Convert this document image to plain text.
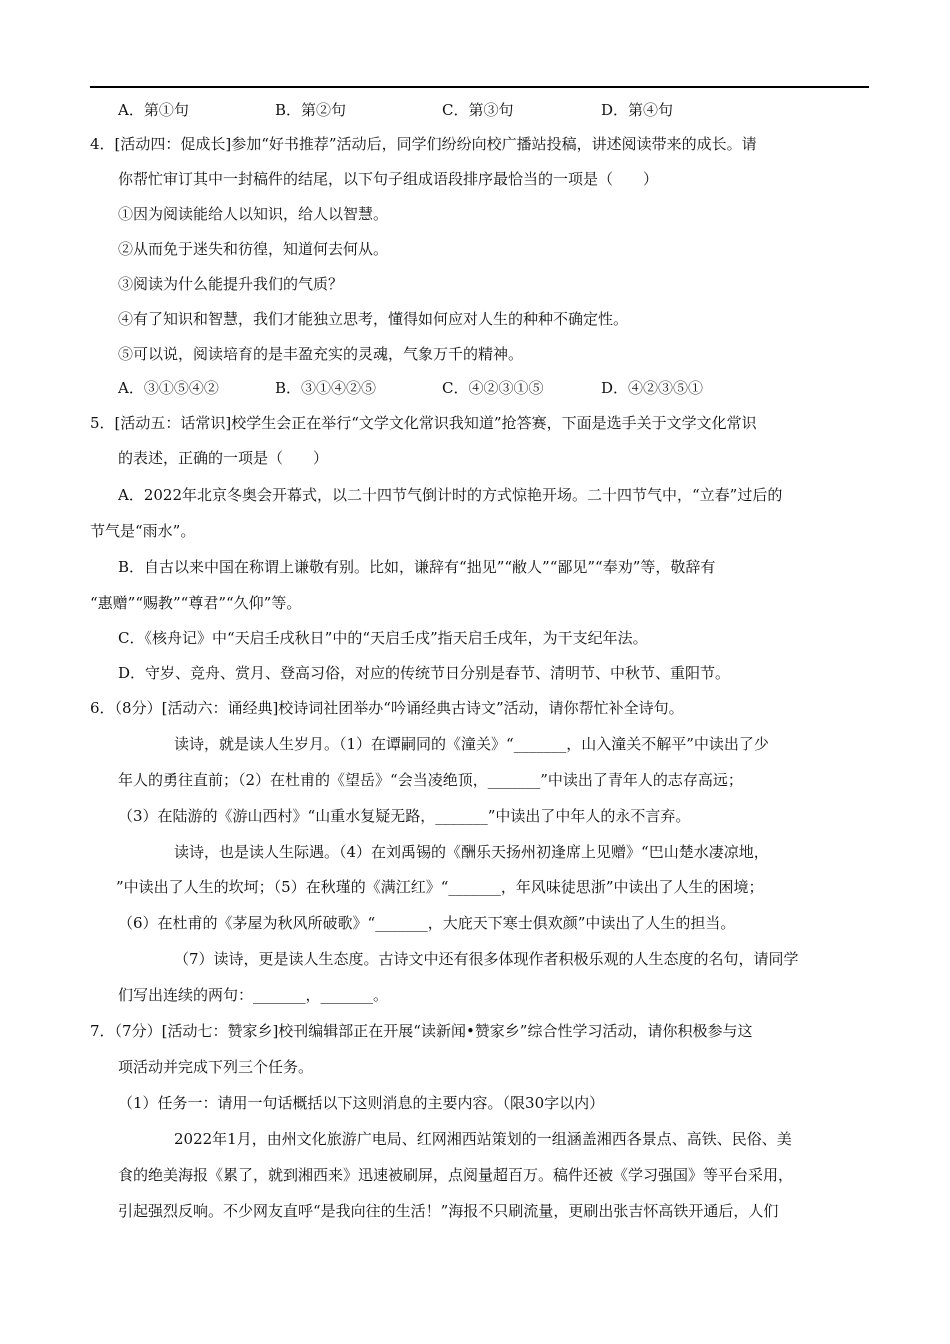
A．第①句	B．第②句	C．第③句	D．第④句
4．[活动四：促成长]参加“好书推荐”活动后，同学们纷纷向校广播站投稿，讲述阅读带来的成长。请
你帮忙审订其中一封稿件的结尾，以下句子组成语段排序最恰当的一项是（　　）
①因为阅读能给人以知识，给人以智慧。
②从而免于迷失和彷徨，知道何去何从。
③阅读为什么能提升我们的气质？
④有了知识和智慧，我们才能独立思考，懂得如何应对人生的种种不确定性。
⑤可以说，阅读培育的是丰盈充实的灵魂，气象万千的精神。
A．③①⑤④②	B．③①④②⑤	C．④②③①⑤	D．④②③⑤①
5．[活动五：话常识]校学生会正在举行“文学文化常识我知道”抢答赛，下面是选手关于文学文化常识
的表述，正确的一项是（　　）
A．2022年北京冬奥会开幕式，以二十四节气倒计时的方式惊艳开场。二十四节气中，“立春”过后的
节气是“雨水”。
B．自古以来中国在称谓上谦敬有别。比如，谦辞有“拙见”“敝人”“鄙见”“奉劝”等，敬辞有
“惠赠”“赐教”“尊君”“久仰”等。
C．《核舟记》中“天启壬戌秋日”中的“天启壬戌”指天启壬戌年，为干支纪年法。
D．守岁、竞舟、赏月、登高习俗，对应的传统节日分别是春节、清明节、中秋节、重阳节。
6．（8分）[活动六：诵经典]校诗词社团举办“吟诵经典古诗文”活动，请你帮忙补全诗句。
读诗，就是读人生岁月。（1）在谭嗣同的《潼关》“_______，山入潼关不解平”中读出了少
年人的勇往直前；（2）在杜甫的《望岳》“会当凌绝顶，_______”中读出了青年人的志存高远；
（3）在陆游的《游山西村》“山重水复疑无路，_______”中读出了中年人的永不言弃。
读诗，也是读人生际遇。（4）在刘禹锡的《酬乐天扬州初逢席上见赠》“巴山楚水凄凉地，
”中读出了人生的坎坷；（5）在秋瑾的《满江红》“_______，年风味徒思浙”中读出了人生的困境；
（6）在杜甫的《茅屋为秋风所破歌》“_______，大庇天下寒士俱欢颜”中读出了人生的担当。
（7）读诗，更是读人生态度。古诗文中还有很多体现作者积极乐观的人生态度的名句，请同学
们写出连续的两句：_______，_______。
7．（7分）[活动七：赞家乡]校刊编辑部正在开展“读新闻•赞家乡”综合性学习活动，请你积极参与这
项活动并完成下列三个任务。
（1）任务一：请用一句话概括以下这则消息的主要内容。（限30字以内）
2022年1月，由州文化旅游广电局、红网湘西站策划的一组涵盖湘西各景点、高铁、民俗、美
食的绝美海报《累了，就到湘西来》迅速被刷屏，点阅量超百万。稿件还被《学习强国》等平台采用，
引起强烈反响。不少网友直呼“是我向往的生活！”海报不只刷流量，更刷出张吉怀高铁开通后，人们
